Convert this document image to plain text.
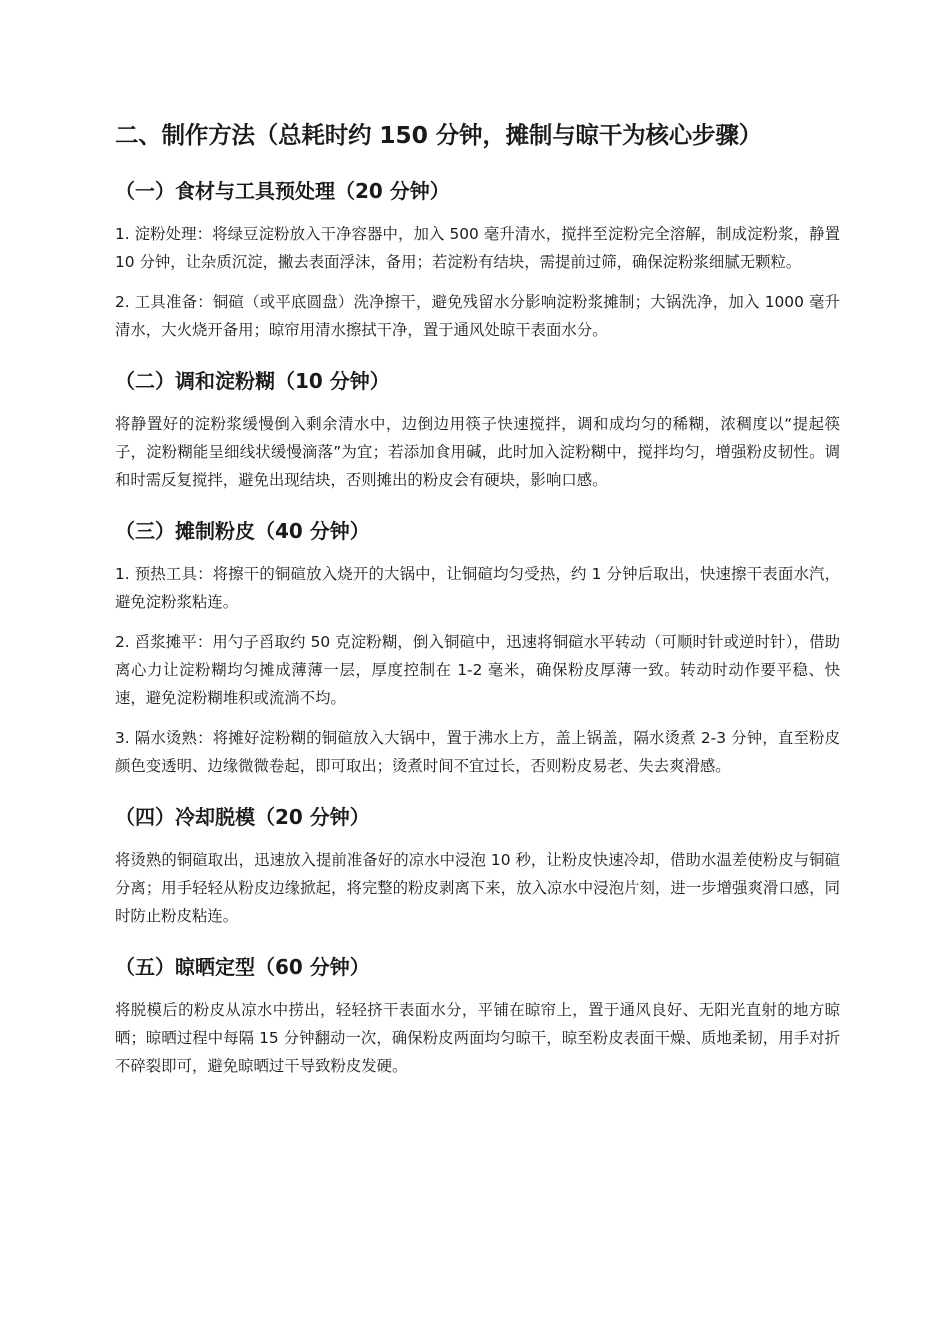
二、制作方法（总耗时约 150 分钟，摊制与晾干为核心步骤）
（一）食材与工具预处理（20 分钟）
1. 淀粉处理：将绿豆淀粉放入干净容器中，加入 500 毫升清水，搅拌至淀粉完全溶解，制成淀粉浆，静置 10 分钟，让杂质沉淀，撇去表面浮沫，备用；若淀粉有结块，需提前过筛，确保淀粉浆细腻无颗粒。
2. 工具准备：铜碹（或平底圆盘）洗净擦干，避免残留水分影响淀粉浆摊制；大锅洗净，加入 1000 毫升清水，大火烧开备用；晾帘用清水擦拭干净，置于通风处晾干表面水分。
（二）调和淀粉糊（10 分钟）
将静置好的淀粉浆缓慢倒入剩余清水中，边倒边用筷子快速搅拌，调和成均匀的稀糊，浓稠度以“提起筷子，淀粉糊能呈细线状缓慢滴落”为宜；若添加食用碱，此时加入淀粉糊中，搅拌均匀，增强粉皮韧性。调和时需反复搅拌，避免出现结块，否则摊出的粉皮会有硬块，影响口感。
（三）摊制粉皮（40 分钟）
1. 预热工具：将擦干的铜碹放入烧开的大锅中，让铜碹均匀受热，约 1 分钟后取出，快速擦干表面水汽，避免淀粉浆粘连。
2. 舀浆摊平：用勺子舀取约 50 克淀粉糊，倒入铜碹中，迅速将铜碹水平转动（可顺时针或逆时针），借助离心力让淀粉糊均匀摊成薄薄一层，厚度控制在 1-2 毫米，确保粉皮厚薄一致。转动时动作要平稳、快速，避免淀粉糊堆积或流淌不均。
3. 隔水烫熟：将摊好淀粉糊的铜碹放入大锅中，置于沸水上方，盖上锅盖，隔水烫煮 2-3 分钟，直至粉皮颜色变透明、边缘微微卷起，即可取出；烫煮时间不宜过长，否则粉皮易老、失去爽滑感。
（四）冷却脱模（20 分钟）
将烫熟的铜碹取出，迅速放入提前准备好的凉水中浸泡 10 秒，让粉皮快速冷却，借助水温差使粉皮与铜碹分离；用手轻轻从粉皮边缘掀起，将完整的粉皮剥离下来，放入凉水中浸泡片刻，进一步增强爽滑口感，同时防止粉皮粘连。
（五）晾晒定型（60 分钟）
将脱模后的粉皮从凉水中捞出，轻轻挤干表面水分，平铺在晾帘上，置于通风良好、无阳光直射的地方晾晒；晾晒过程中每隔 15 分钟翻动一次，确保粉皮两面均匀晾干，晾至粉皮表面干燥、质地柔韧，用手对折不碎裂即可，避免晾晒过干导致粉皮发硬。
